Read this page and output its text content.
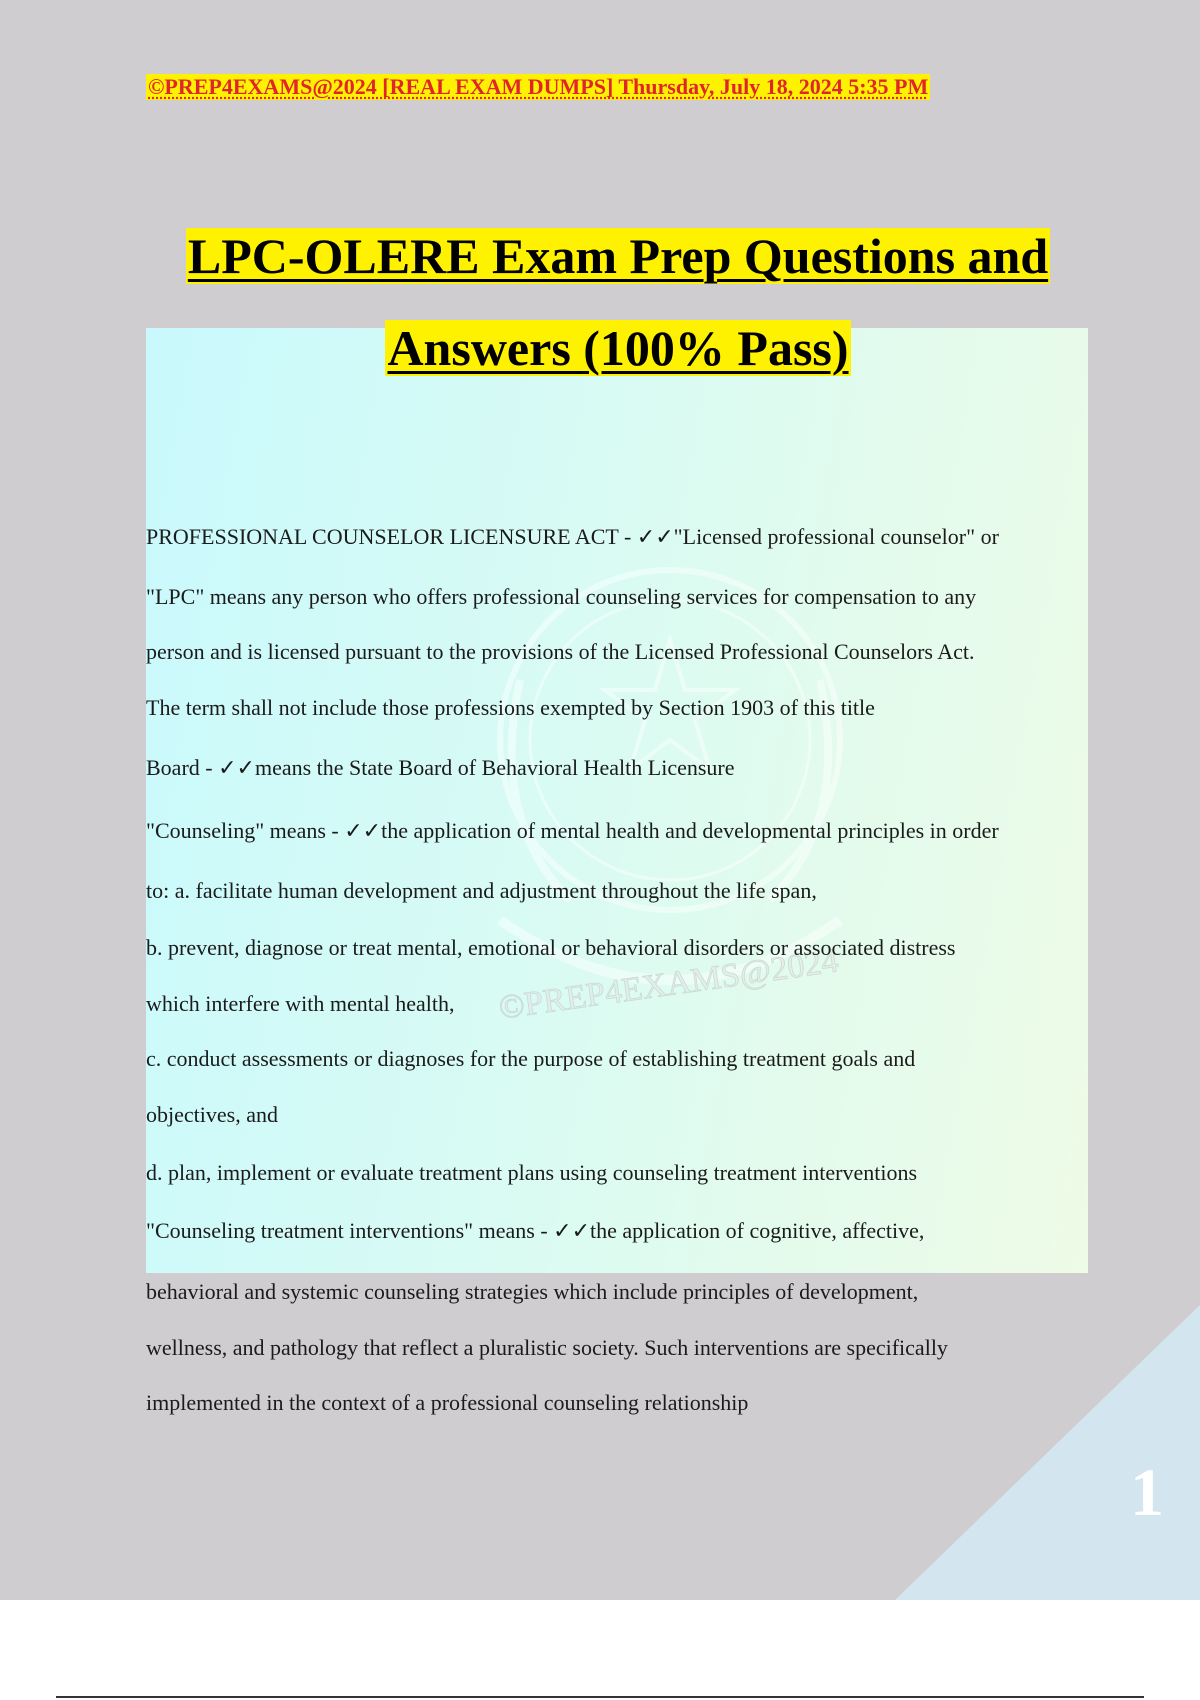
©PREP4EXAMS@2024 [REAL EXAM DUMPS] Thursday, July 18, 2024 5:35 PM
©PREP4EXAMS@2024
LPC-OLERE Exam Prep Questions and
Answers (100% Pass)
PROFESSIONAL COUNSELOR LICENSURE ACT - ✓✓"Licensed professional counselor" or
"LPC" means any person who offers professional counseling services for compensation to any
person and is licensed pursuant to the provisions of the Licensed Professional Counselors Act.
The term shall not include those professions exempted by Section 1903 of this title
Board - ✓✓means the State Board of Behavioral Health Licensure
"Counseling" means - ✓✓the application of mental health and developmental principles in order
to: a. facilitate human development and adjustment throughout the life span,
b. prevent, diagnose or treat mental, emotional or behavioral disorders or associated distress
which interfere with mental health,
c. conduct assessments or diagnoses for the purpose of establishing treatment goals and
objectives, and
d. plan, implement or evaluate treatment plans using counseling treatment interventions
"Counseling treatment interventions" means - ✓✓the application of cognitive, affective,
behavioral and systemic counseling strategies which include principles of development,
wellness, and pathology that reflect a pluralistic society. Such interventions are specifically
implemented in the context of a professional counseling relationship
1
